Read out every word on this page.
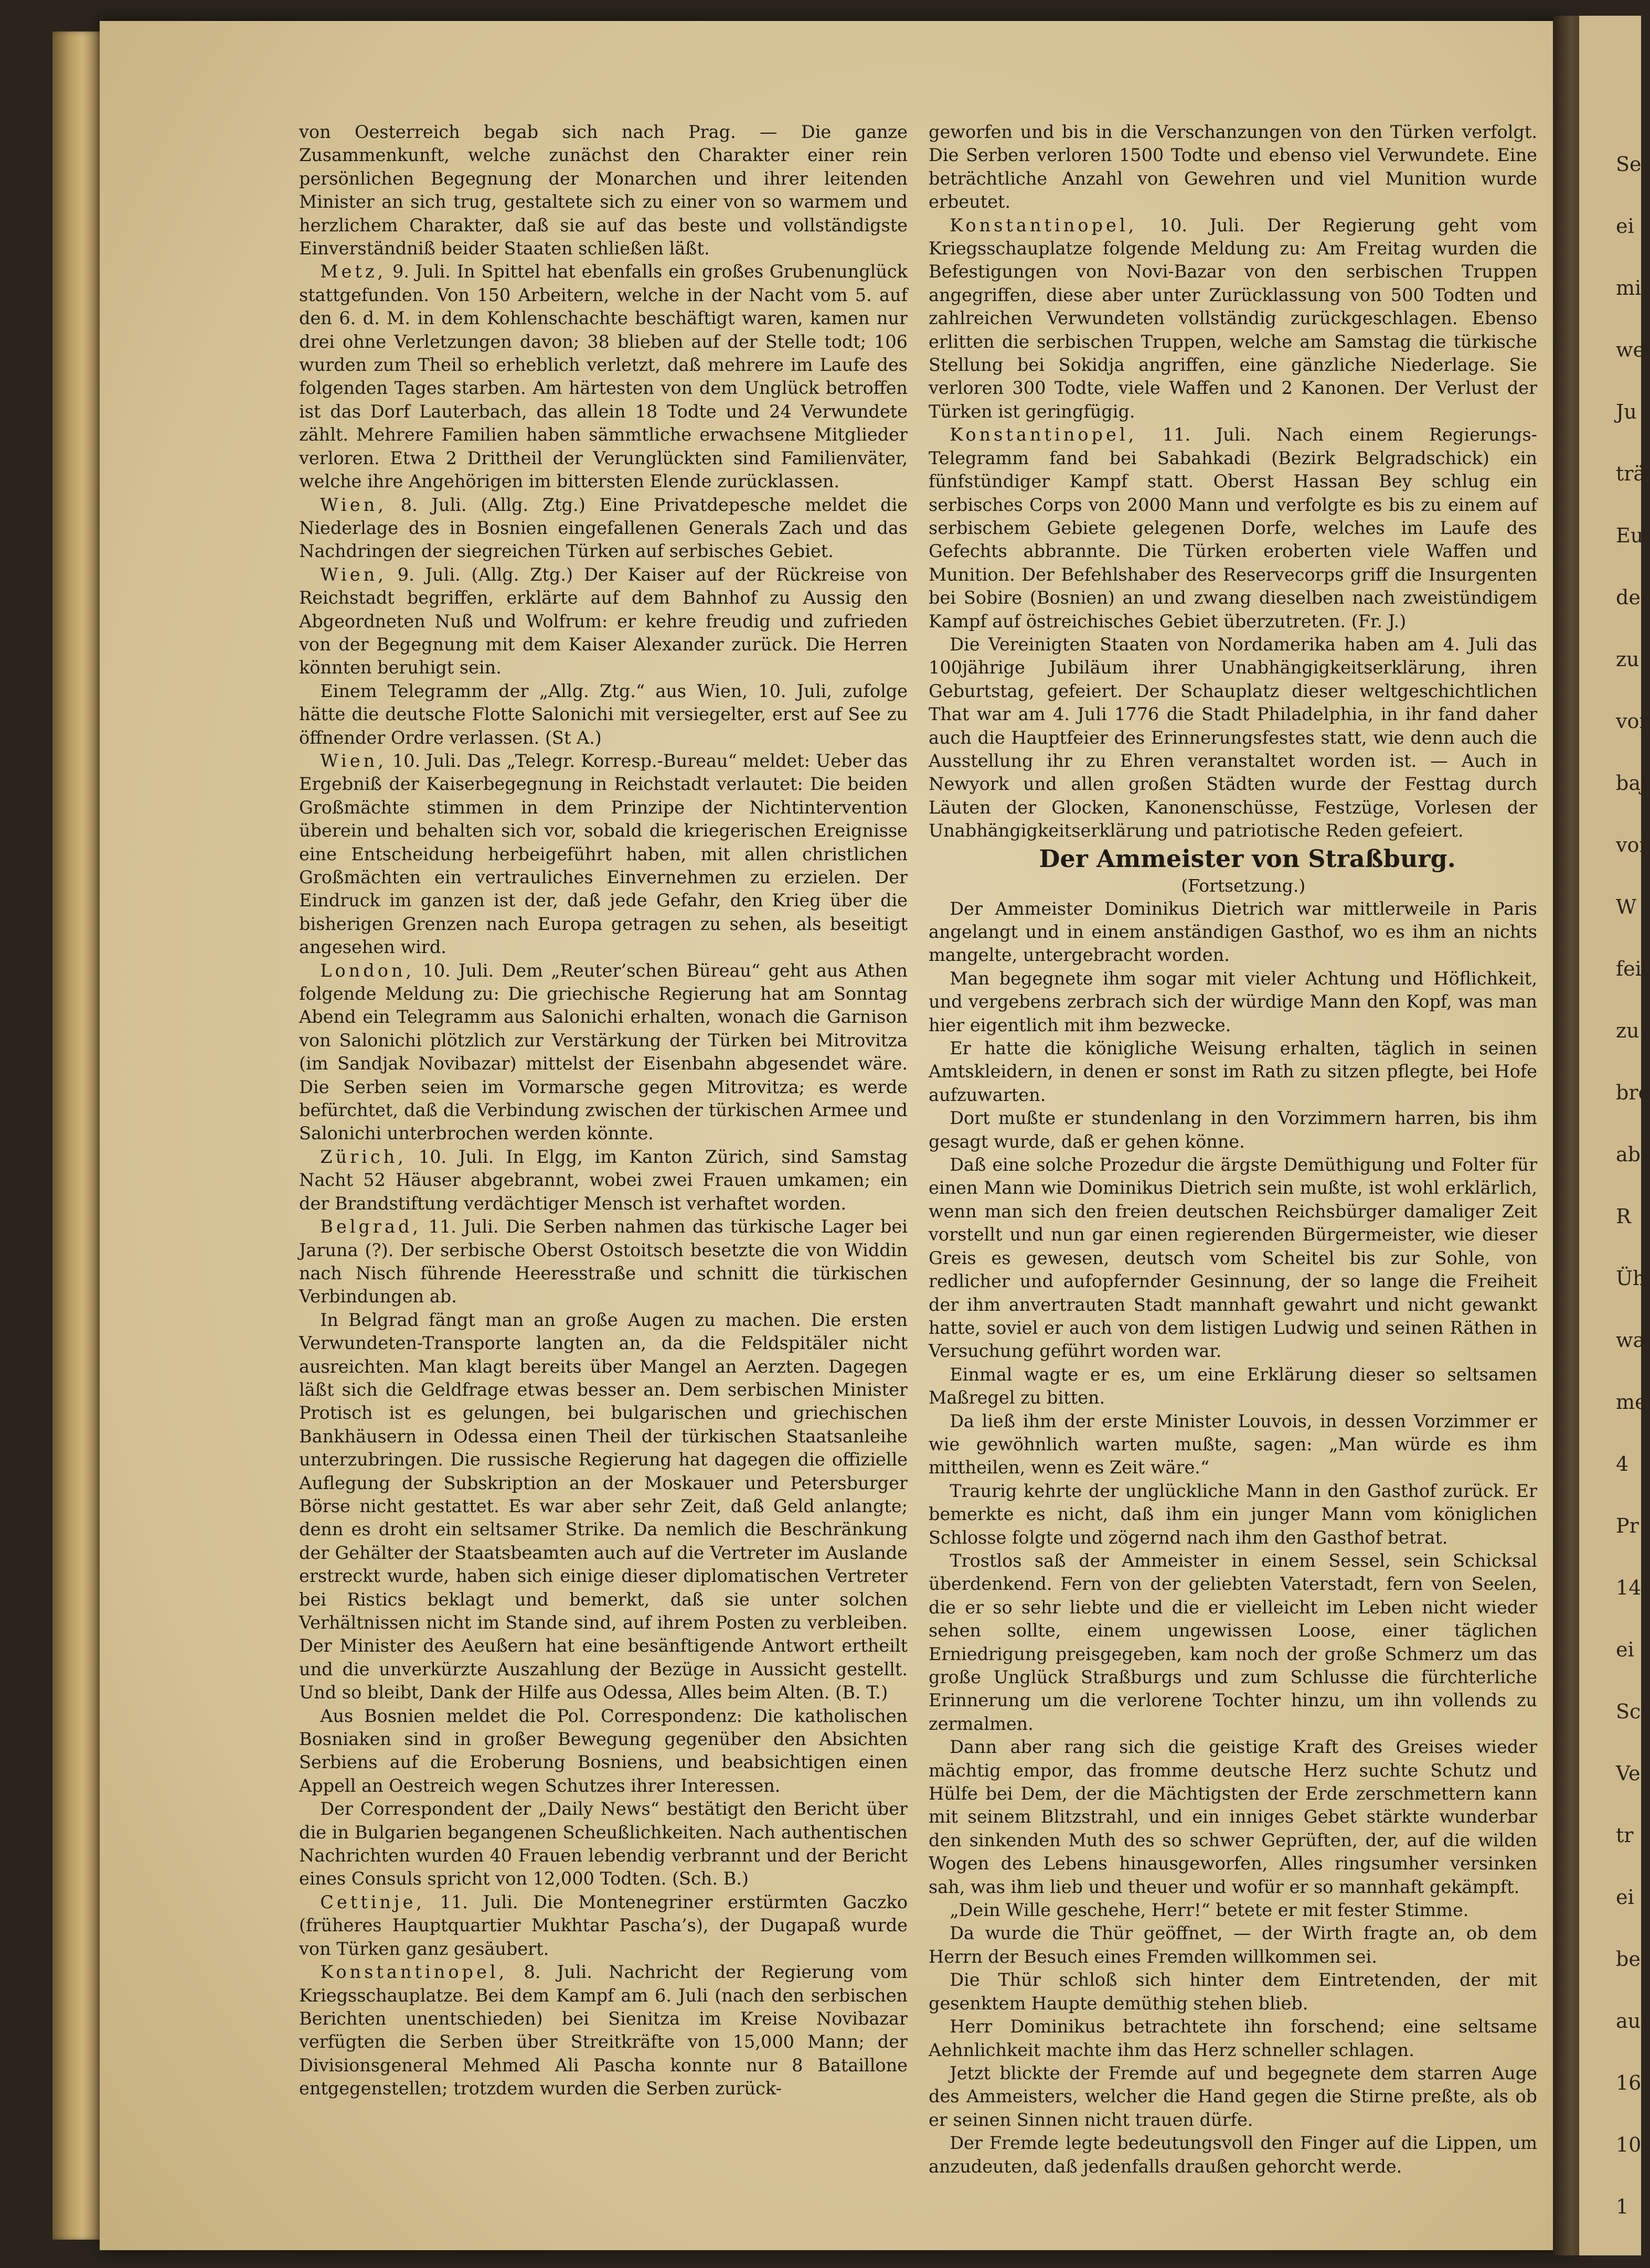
von Oesterreich begab sich nach Prag. — Die ganze Zusammenkunft, welche zunächst den Charakter einer rein persönlichen Begegnung der Monarchen und ihrer leitenden Minister an sich trug, gestaltete sich zu einer von so warmem und herzlichem Charakter, daß sie auf das beste und vollständigste Einverständniß beider Staaten schließen läßt.

Metz, 9. Juli. In Spittel hat ebenfalls ein großes Grubenunglück stattgefunden. Von 150 Arbeitern, welche in der Nacht vom 5. auf den 6. d. M. in dem Kohlenschachte beschäftigt waren, kamen nur drei ohne Verletzungen davon; 38 blieben auf der Stelle todt; 106 wurden zum Theil so erheblich verletzt, daß mehrere im Laufe des folgenden Tages starben. Am härtesten von dem Unglück betroffen ist das Dorf Lauterbach, das allein 18 Todte und 24 Verwundete zählt. Mehrere Familien haben sämmtliche erwachsene Mitglieder verloren. Etwa 2 Drittheil der Verunglückten sind Familienväter, welche ihre Angehörigen im bittersten Elende zurücklassen.

Wien, 8. Juli. (Allg. Ztg.) Eine Privatdepesche meldet die Niederlage des in Bosnien eingefallenen Generals Zach und das Nachdringen der siegreichen Türken auf serbisches Gebiet.

Wien, 9. Juli. (Allg. Ztg.) Der Kaiser auf der Rückreise von Reichstadt begriffen, erklärte auf dem Bahnhof zu Aussig den Abgeordneten Nuß und Wolfrum: er kehre freudig und zufrieden von der Begegnung mit dem Kaiser Alexander zurück. Die Herren könnten beruhigt sein.

Einem Telegramm der „Allg. Ztg.“ aus Wien, 10. Juli, zufolge hätte die deutsche Flotte Salonichi mit versiegelter, erst auf See zu öffnender Ordre verlassen. (St A.)

Wien, 10. Juli. Das „Telegr. Korresp.-Bureau“ meldet: Ueber das Ergebniß der Kaiserbegegnung in Reichstadt verlautet: Die beiden Großmächte stimmen in dem Prinzipe der Nichtintervention überein und behalten sich vor, sobald die kriegerischen Ereignisse eine Entscheidung herbeigeführt haben, mit allen christlichen Großmächten ein vertrauliches Einvernehmen zu erzielen. Der Eindruck im ganzen ist der, daß jede Gefahr, den Krieg über die bisherigen Grenzen nach Europa getragen zu sehen, als beseitigt angesehen wird.

London, 10. Juli. Dem „Reuter’schen Büreau“ geht aus Athen folgende Meldung zu: Die griechische Regierung hat am Sonntag Abend ein Telegramm aus Salonichi erhalten, wonach die Garnison von Salonichi plötzlich zur Verstärkung der Türken bei Mitrovitza (im Sandjak Novibazar) mittelst der Eisenbahn abgesendet wäre. Die Serben seien im Vormarsche gegen Mitrovitza; es werde befürchtet, daß die Verbindung zwischen der türkischen Armee und Salonichi unterbrochen werden könnte.

Zürich, 10. Juli. In Elgg, im Kanton Zürich, sind Samstag Nacht 52 Häuser abgebrannt, wobei zwei Frauen umkamen; ein der Brandstiftung verdächtiger Mensch ist verhaftet worden.

Belgrad, 11. Juli. Die Serben nahmen das türkische Lager bei Jaruna (?). Der serbische Oberst Ostoitsch besetzte die von Widdin nach Nisch führende Heeresstraße und schnitt die türkischen Verbindungen ab.

In Belgrad fängt man an große Augen zu machen. Die ersten Verwundeten-Transporte langten an, da die Feldspitäler nicht ausreichten. Man klagt bereits über Mangel an Aerzten. Dagegen läßt sich die Geldfrage etwas besser an. Dem serbischen Minister Protisch ist es gelungen, bei bulgarischen und griechischen Bankhäusern in Odessa einen Theil der türkischen Staatsanleihe unterzubringen. Die russische Regierung hat dagegen die offizielle Auflegung der Subskription an der Moskauer und Petersburger Börse nicht gestattet. Es war aber sehr Zeit, daß Geld anlangte; denn es droht ein seltsamer Strike. Da nemlich die Beschränkung der Gehälter der Staatsbeamten auch auf die Vertreter im Auslande erstreckt wurde, haben sich einige dieser diplomatischen Vertreter bei Ristics beklagt und bemerkt, daß sie unter solchen Verhältnissen nicht im Stande sind, auf ihrem Posten zu verbleiben. Der Minister des Aeußern hat eine besänftigende Antwort ertheilt und die unverkürzte Auszahlung der Bezüge in Aussicht gestellt. Und so bleibt, Dank der Hilfe aus Odessa, Alles beim Alten. (B. T.)

Aus Bosnien meldet die Pol. Correspondenz: Die katholischen Bosniaken sind in großer Bewegung gegenüber den Absichten Serbiens auf die Eroberung Bosniens, und beabsichtigen einen Appell an Oestreich wegen Schutzes ihrer Interessen.

Der Correspondent der „Daily News“ bestätigt den Bericht über die in Bulgarien begangenen Scheußlichkeiten. Nach authentischen Nachrichten wurden 40 Frauen lebendig verbrannt und der Bericht eines Consuls spricht von 12,000 Todten. (Sch. B.)

Cettinje, 11. Juli. Die Montenegriner erstürmten Gaczko (früheres Hauptquartier Mukhtar Pascha’s), der Dugapaß wurde von Türken ganz gesäubert.

Konstantinopel, 8. Juli. Nachricht der Regierung vom Kriegsschauplatze. Bei dem Kampf am 6. Juli (nach den serbischen Berichten unentschieden) bei Sienitza im Kreise Novibazar verfügten die Serben über Streitkräfte von 15,000 Mann; der Divisionsgeneral Mehmed Ali Pascha konnte nur 8 Bataillone entgegenstellen; trotzdem wurden die Serben zurück-

geworfen und bis in die Verschanzungen von den Türken verfolgt. Die Serben verloren 1500 Todte und ebenso viel Verwundete. Eine beträchtliche Anzahl von Gewehren und viel Munition wurde erbeutet.

Konstantinopel, 10. Juli. Der Regierung geht vom Kriegsschauplatze folgende Meldung zu: Am Freitag wurden die Befestigungen von Novi-Bazar von den serbischen Truppen angegriffen, diese aber unter Zurücklassung von 500 Todten und zahlreichen Verwundeten vollständig zurückgeschlagen. Ebenso erlitten die serbischen Truppen, welche am Samstag die türkische Stellung bei Sokidja angriffen, eine gänzliche Niederlage. Sie verloren 300 Todte, viele Waffen und 2 Kanonen. Der Verlust der Türken ist geringfügig.

Konstantinopel, 11. Juli. Nach einem Regierungs-Telegramm fand bei Sabahkadi (Bezirk Belgradschick) ein fünfstündiger Kampf statt. Oberst Hassan Bey schlug ein serbisches Corps von 2000 Mann und verfolgte es bis zu einem auf serbischem Gebiete gelegenen Dorfe, welches im Laufe des Gefechts abbrannte. Die Türken eroberten viele Waffen und Munition. Der Befehlshaber des Reservecorps griff die Insurgenten bei Sobire (Bosnien) an und zwang dieselben nach zweistündigem Kampf auf östreichisches Gebiet überzutreten. (Fr. J.)

Die Vereinigten Staaten von Nordamerika haben am 4. Juli das 100jährige Jubiläum ihrer Unabhängigkeitserklärung, ihren Geburtstag, gefeiert. Der Schauplatz dieser weltgeschichtlichen That war am 4. Juli 1776 die Stadt Philadelphia, in ihr fand daher auch die Hauptfeier des Erinnerungsfestes statt, wie denn auch die Ausstellung ihr zu Ehren veranstaltet worden ist. — Auch in Newyork und allen großen Städten wurde der Festtag durch Läuten der Glocken, Kanonenschüsse, Festzüge, Vorlesen der Unabhängigkeitserklärung und patriotische Reden gefeiert.

Der Ammeister von Straßburg.

(Fortsetzung.)

Der Ammeister Dominikus Dietrich war mittlerweile in Paris angelangt und in einem anständigen Gasthof, wo es ihm an nichts mangelte, untergebracht worden.

Man begegnete ihm sogar mit vieler Achtung und Höflichkeit, und vergebens zerbrach sich der würdige Mann den Kopf, was man hier eigentlich mit ihm bezwecke.

Er hatte die königliche Weisung erhalten, täglich in seinen Amtskleidern, in denen er sonst im Rath zu sitzen pflegte, bei Hofe aufzuwarten.

Dort mußte er stundenlang in den Vorzimmern harren, bis ihm gesagt wurde, daß er gehen könne.

Daß eine solche Prozedur die ärgste Demüthigung und Folter für einen Mann wie Dominikus Dietrich sein mußte, ist wohl erklärlich, wenn man sich den freien deutschen Reichsbürger damaliger Zeit vorstellt und nun gar einen regierenden Bürgermeister, wie dieser Greis es gewesen, deutsch vom Scheitel bis zur Sohle, von redlicher und aufopfernder Gesinnung, der so lange die Freiheit der ihm anvertrauten Stadt mannhaft gewahrt und nicht gewankt hatte, soviel er auch von dem listigen Ludwig und seinen Räthen in Versuchung geführt worden war.

Einmal wagte er es, um eine Erklärung dieser so seltsamen Maßregel zu bitten.

Da ließ ihm der erste Minister Louvois, in dessen Vorzimmer er wie gewöhnlich warten mußte, sagen: „Man würde es ihm mittheilen, wenn es Zeit wäre.“

Traurig kehrte der unglückliche Mann in den Gasthof zurück. Er bemerkte es nicht, daß ihm ein junger Mann vom königlichen Schlosse folgte und zögernd nach ihm den Gasthof betrat.

Trostlos saß der Ammeister in einem Sessel, sein Schicksal überdenkend. Fern von der geliebten Vaterstadt, fern von Seelen, die er so sehr liebte und die er vielleicht im Leben nicht wieder sehen sollte, einem ungewissen Loose, einer täglichen Erniedrigung preisgegeben, kam noch der große Schmerz um das große Unglück Straßburgs und zum Schlusse die fürchterliche Erinnerung um die verlorene Tochter hinzu, um ihn vollends zu zermalmen.

Dann aber rang sich die geistige Kraft des Greises wieder mächtig empor, das fromme deutsche Herz suchte Schutz und Hülfe bei Dem, der die Mächtigsten der Erde zerschmettern kann mit seinem Blitzstrahl, und ein inniges Gebet stärkte wunderbar den sinkenden Muth des so schwer Geprüften, der, auf die wilden Wogen des Lebens hinausgeworfen, Alles ringsumher versinken sah, was ihm lieb und theuer und wofür er so mannhaft gekämpft.

„Dein Wille geschehe, Herr!“ betete er mit fester Stimme.

Da wurde die Thür geöffnet, — der Wirth fragte an, ob dem Herrn der Besuch eines Fremden willkommen sei.

Die Thür schloß sich hinter dem Eintretenden, der mit gesenktem Haupte demüthig stehen blieb.

Herr Dominikus betrachtete ihn forschend; eine seltsame Aehnlichkeit machte ihm das Herz schneller schlagen.

Jetzt blickte der Fremde auf und begegnete dem starren Auge des Ammeisters, welcher die Hand gegen die Stirne preßte, als ob er seinen Sinnen nicht trauen dürfe.

Der Fremde legte bedeutungsvoll den Finger auf die Lippen, um anzudeuten, daß jedenfalls draußen gehorcht werde.

Se
ei
mi
we
Ju
trä
Eu
der
zu
vor
baj
vor
W
feit
zu
bre
ab
R
Üh
wa
me
4
Pr
14
ei
Sc
Ve
tr
ei
be
au
16
10
1
